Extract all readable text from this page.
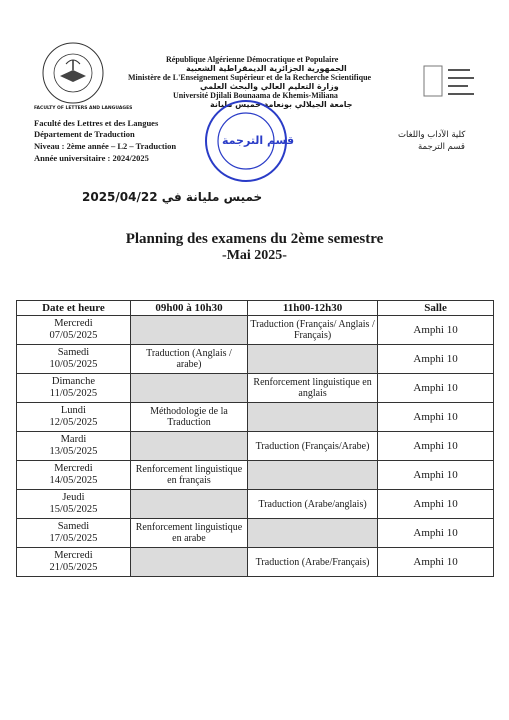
FACULTY OF LETTERS AND LANGUAGES
République Algérienne Démocratique et Populaire
الجمهورية الجزائرية الديمقراطية الشعبية
Ministère de L'Enseignement Supérieur et de la Recherche Scientifique
وزارة التعليم العالي والبحث العلمي
Université Djilali Bounaama de Khemis-Miliana
جامعة الجيلالي بونعامة خميس مليانة
Faculté des Lettres et des Langues
Département de Traduction
Niveau : 2ème année – L2 – Traduction
Année universitaire : 2024/2025
كلية الآداب واللغات
قسم الترجمة
قسم الترجمة
خميس مليانة في 2025/04/22
Planning des examens du 2ème semestre
-Mai 2025-
Date et heure	09h00 à 10h30	11h00-12h30	Salle
Mercredi
07/05/2025		Traduction (Français/ Anglais / Français)	Amphi 10
Samedi
10/05/2025	Traduction (Anglais / arabe)		Amphi 10
Dimanche
11/05/2025		Renforcement linguistique en anglais	Amphi 10
Lundi
12/05/2025	Méthodologie de la Traduction		Amphi 10
Mardi
13/05/2025		Traduction (Français/Arabe)	Amphi 10
Mercredi
14/05/2025	Renforcement linguistique en français		Amphi 10
Jeudi
15/05/2025		Traduction (Arabe/anglais)	Amphi 10
Samedi
17/05/2025	Renforcement linguistique en arabe		Amphi 10
Mercredi
21/05/2025		Traduction (Arabe/Français)	Amphi 10
